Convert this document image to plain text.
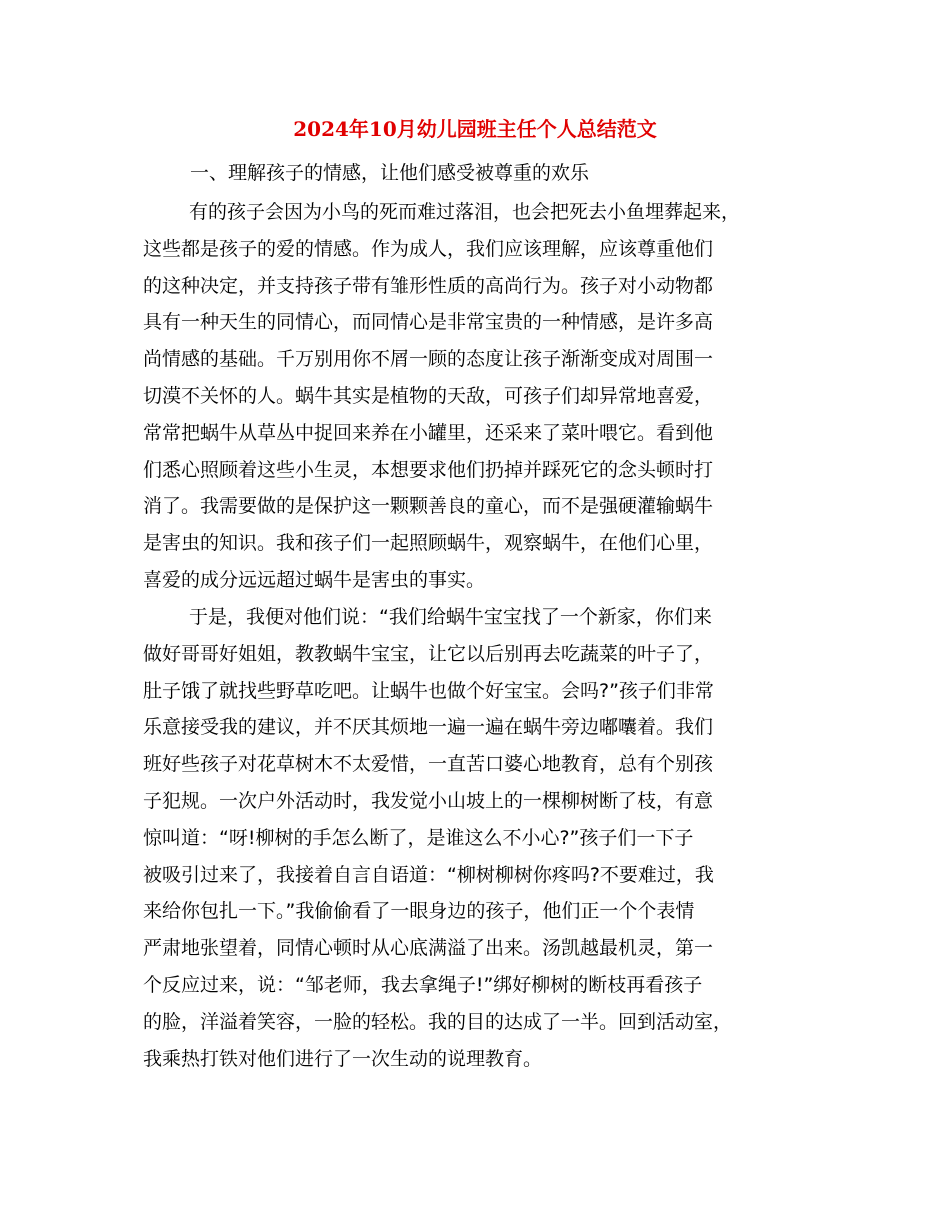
2024年10月幼儿园班主任个人总结范文
一、理解孩子的情感，让他们感受被尊重的欢乐
有的孩子会因为小鸟的死而难过落泪，也会把死去小鱼埋葬起来，
这些都是孩子的爱的情感。作为成人，我们应该理解，应该尊重他们
的这种决定，并支持孩子带有雏形性质的高尚行为。孩子对小动物都
具有一种天生的同情心，而同情心是非常宝贵的一种情感，是许多高
尚情感的基础。千万别用你不屑一顾的态度让孩子渐渐变成对周围一
切漠不关怀的人。蜗牛其实是植物的天敌，可孩子们却异常地喜爱，
常常把蜗牛从草丛中捉回来养在小罐里，还采来了菜叶喂它。看到他
们悉心照顾着这些小生灵，本想要求他们扔掉并踩死它的念头顿时打
消了。我需要做的是保护这一颗颗善良的童心，而不是强硬灌输蜗牛
是害虫的知识。我和孩子们一起照顾蜗牛，观察蜗牛，在他们心里，
喜爱的成分远远超过蜗牛是害虫的事实。
于是，我便对他们说：“我们给蜗牛宝宝找了一个新家，你们来
做好哥哥好姐姐，教教蜗牛宝宝，让它以后别再去吃蔬菜的叶子了，
肚子饿了就找些野草吃吧。让蜗牛也做个好宝宝。会吗?”孩子们非常
乐意接受我的建议，并不厌其烦地一遍一遍在蜗牛旁边嘟囔着。我们
班好些孩子对花草树木不太爱惜，一直苦口婆心地教育，总有个别孩
子犯规。一次户外活动时，我发觉小山坡上的一棵柳树断了枝，有意
惊叫道：“呀!柳树的手怎么断了，是谁这么不小心?”孩子们一下子
被吸引过来了，我接着自言自语道：“柳树柳树你疼吗?不要难过，我
来给你包扎一下。”我偷偷看了一眼身边的孩子，他们正一个个表情
严肃地张望着，同情心顿时从心底满溢了出来。汤凯越最机灵，第一
个反应过来，说：“邹老师，我去拿绳子!”绑好柳树的断枝再看孩子
的脸，洋溢着笑容，一脸的轻松。我的目的达成了一半。回到活动室，
我乘热打铁对他们进行了一次生动的说理教育。
